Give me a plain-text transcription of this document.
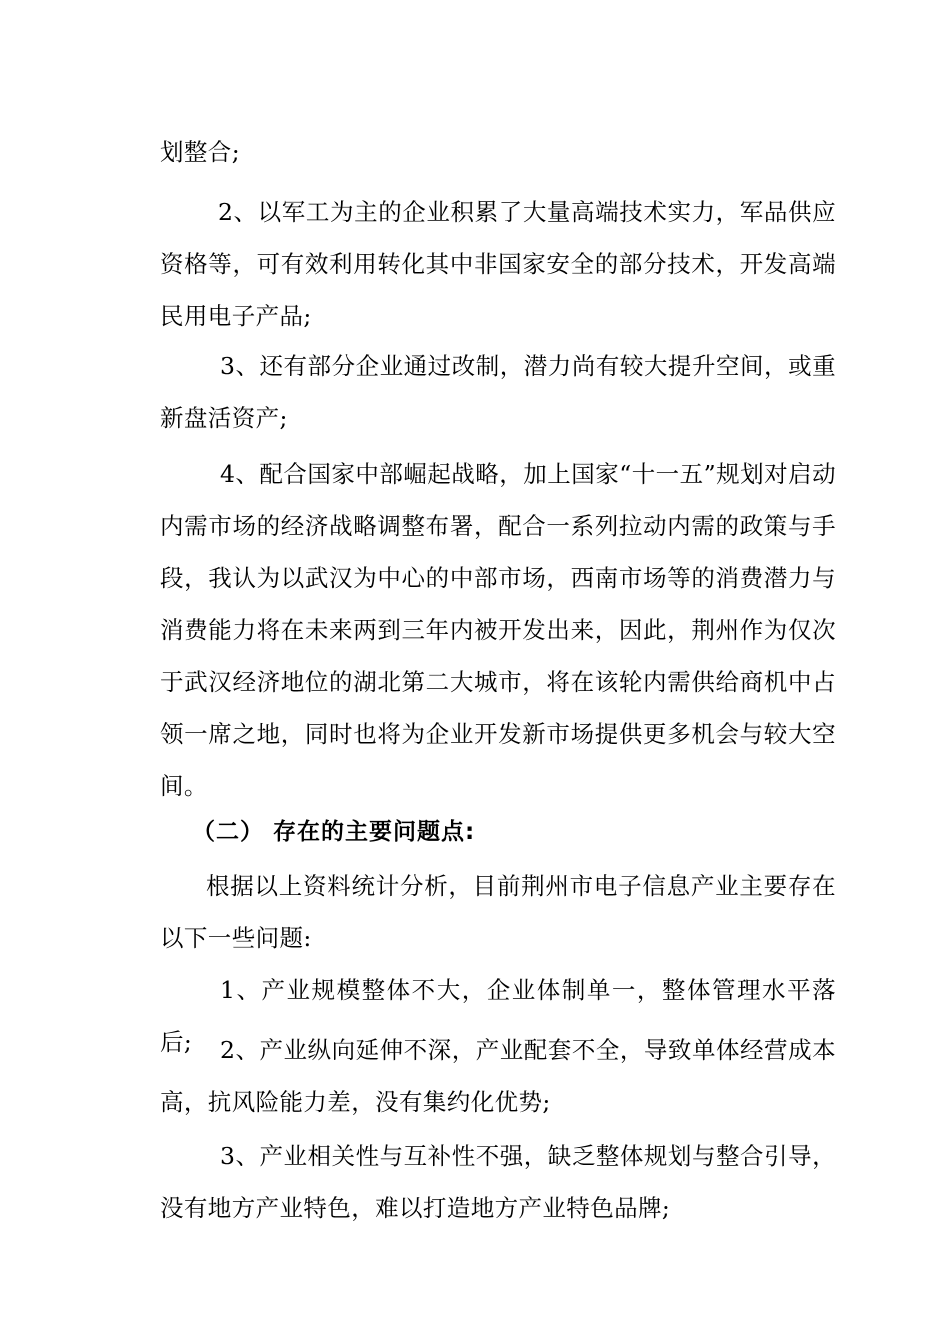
划整合;

2、以军工为主的企业积累了大量高端技术实力，军品供应资格等，可有效利用转化其中非国家安全的部分技术，开发高端民用电子产品;

3、还有部分企业通过改制，潜力尚有较大提升空间，或重新盘活资产;

4、配合国家中部崛起战略，加上国家“十一五”规划对启动内需市场的经济战略调整布署，配合一系列拉动内需的政策与手段，我认为以武汉为中心的中部市场，西南市场等的消费潜力与消费能力将在未来两到三年内被开发出来，因此，荆州作为仅次于武汉经济地位的湖北第二大城市，将在该轮内需供给商机中占领一席之地，同时也将为企业开发新市场提供更多机会与较大空间。

（二） 存在的主要问题点:

根据以上资料统计分析，目前荆州市电子信息产业主要存在以下一些问题:

1、产业规模整体不大，企业体制单一，整体管理水平落后;	2、产业纵向延伸不深，产业配套不全，导致单体经营成本高，抗风险能力差，没有集约化优势;

3、产业相关性与互补性不强，缺乏整体规划与整合引导，没有地方产业特色，难以打造地方产业特色品牌;
